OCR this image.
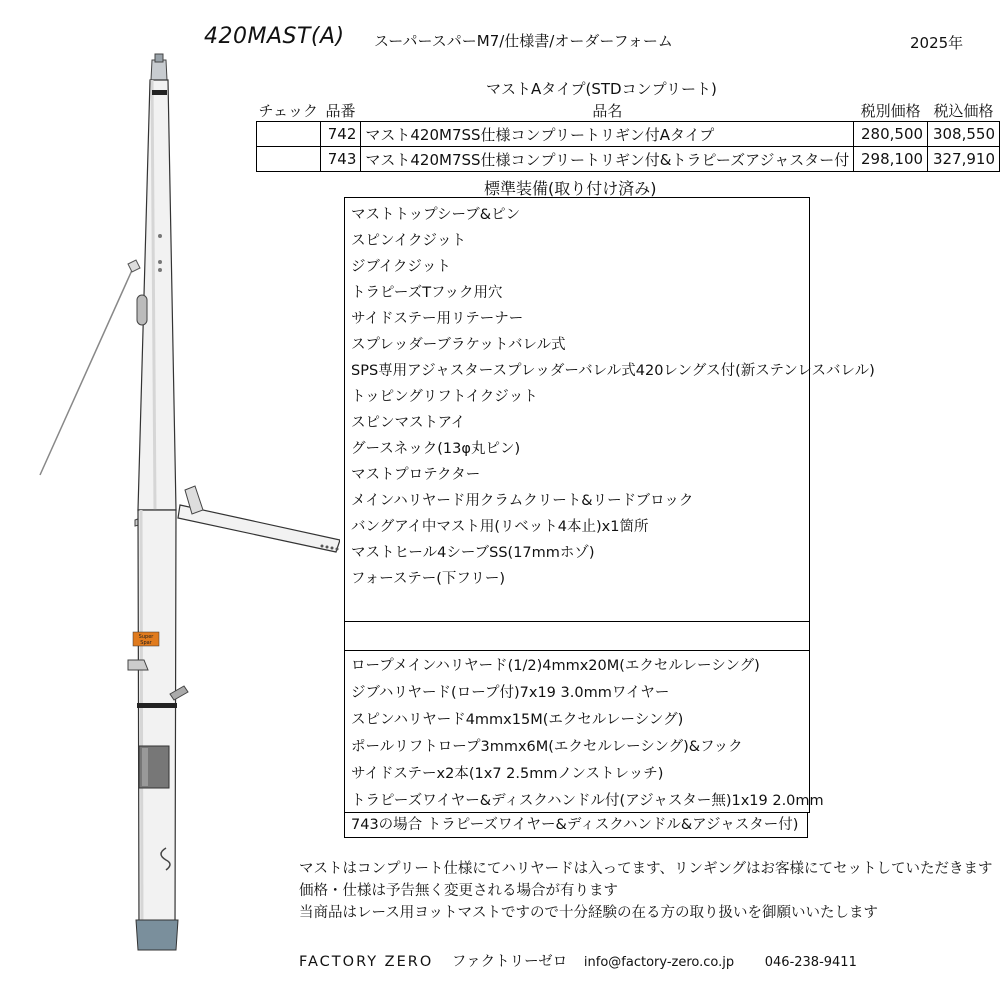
420MAST(A) スーパースパーM7/仕様書/オーダーフォーム	2025年
マストAタイプ(STDコンプリート)
チェック	品番	品名	税別価格	税込価格
	742	マスト420M7SS仕様コンプリートリギン付Aタイプ	280,500	308,550
	743	マスト420M7SS仕様コンプリートリギン付&トラピーズアジャスター付	298,100	327,910
標準装備(取り付け済み)
マストトップシーブ&ピン
スピンイクジット
ジブイクジット
トラピーズTフック用穴
サイドステー用リテーナー
スプレッダーブラケットバレル式
SPS専用アジャスタースプレッダーバレル式420レングス付(新ステンレスバレル)
トッピングリフトイクジット
スピンマストアイ
グースネック(13φ丸ピン)
マストプロテクター
メインハリヤード用クラムクリート&リードブロック
バングアイ中マスト用(リベット4本止)x1箇所
マストヒール4シーブSS(17mmホゾ)
フォーステー(下フリー)
ロープメインハリヤード(1/2)4mmx20M(エクセルレーシング)
ジブハリヤード(ロープ付)7x19 3.0mmワイヤー
スピンハリヤード4mmx15M(エクセルレーシング)
ポールリフトロープ3mmx6M(エクセルレーシング)&フック
サイドステーx2本(1x7 2.5mmノンストレッチ)
トラピーズワイヤー&ディスクハンドル付(アジャスター無)1x19 2.0mm
743の場合 トラピーズワイヤー&ディスクハンドル&アジャスター付)
マストはコンプリート仕様にてハリヤードは入ってます、リンギングはお客様にてセットしていただきます
価格・仕様は予告無く変更される場合が有ります
当商品はレース用ヨットマストですので十分経験の在る方の取り扱いを御願いいたします
FACTORY ZERO ファクトリーゼロ info@factory-zero.co.jp 046-238-9411
Super
Spar
